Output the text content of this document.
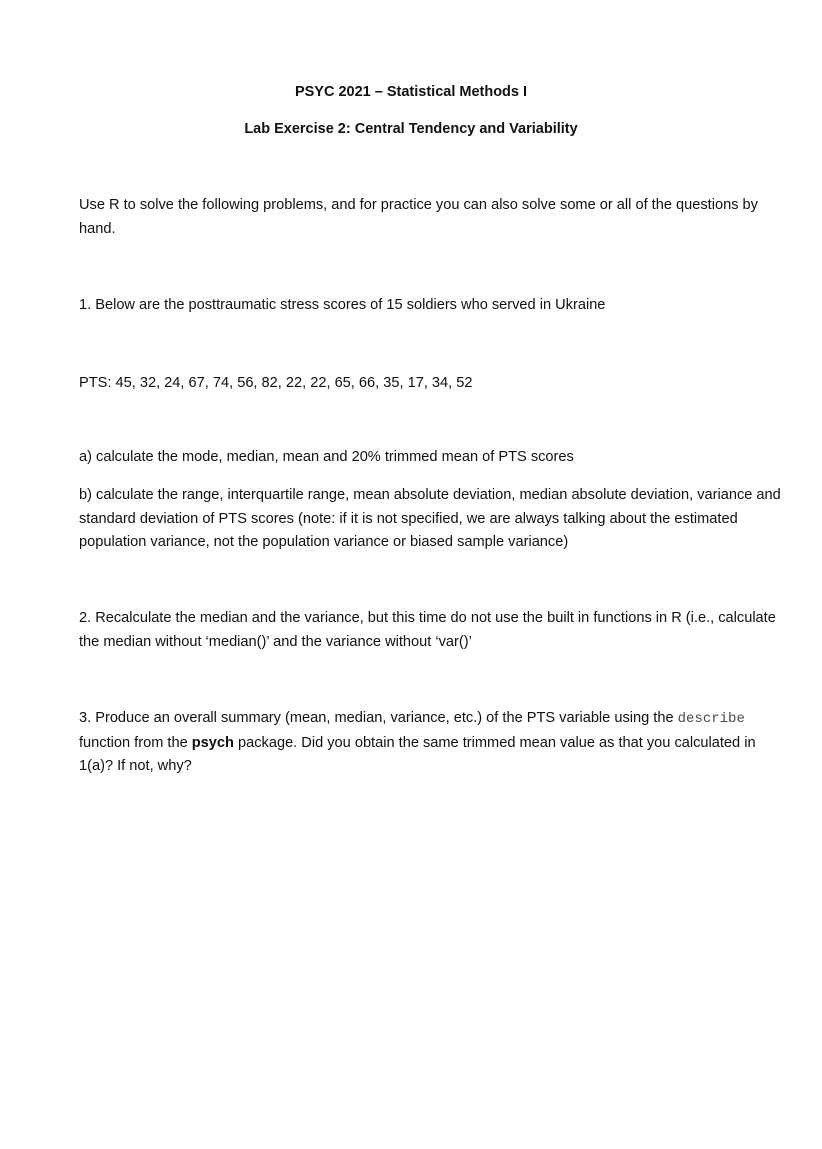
PSYC 2021 – Statistical Methods I
Lab Exercise 2: Central Tendency and Variability

Use R to solve the following problems, and for practice you can also solve some or all of the questions by hand.

1. Below are the posttraumatic stress scores of 15 soldiers who served in Ukraine

PTS: 45, 32, 24, 67, 74, 56, 82, 22, 22, 65, 66, 35, 17, 34, 52

a) calculate the mode, median, mean and 20% trimmed mean of PTS scores

b) calculate the range, interquartile range, mean absolute deviation, median absolute deviation, variance and standard deviation of PTS scores (note: if it is not specified, we are always talking about the estimated population variance, not the population variance or biased sample variance)

2. Recalculate the median and the variance, but this time do not use the built in functions in R (i.e., calculate the median without ‘median()’ and the variance without ‘var()’

3. Produce an overall summary (mean, median, variance, etc.) of the PTS variable using the describe
function from the psych package. Did you obtain the same trimmed mean value as that you calculated in 1(a)? If not, why?
